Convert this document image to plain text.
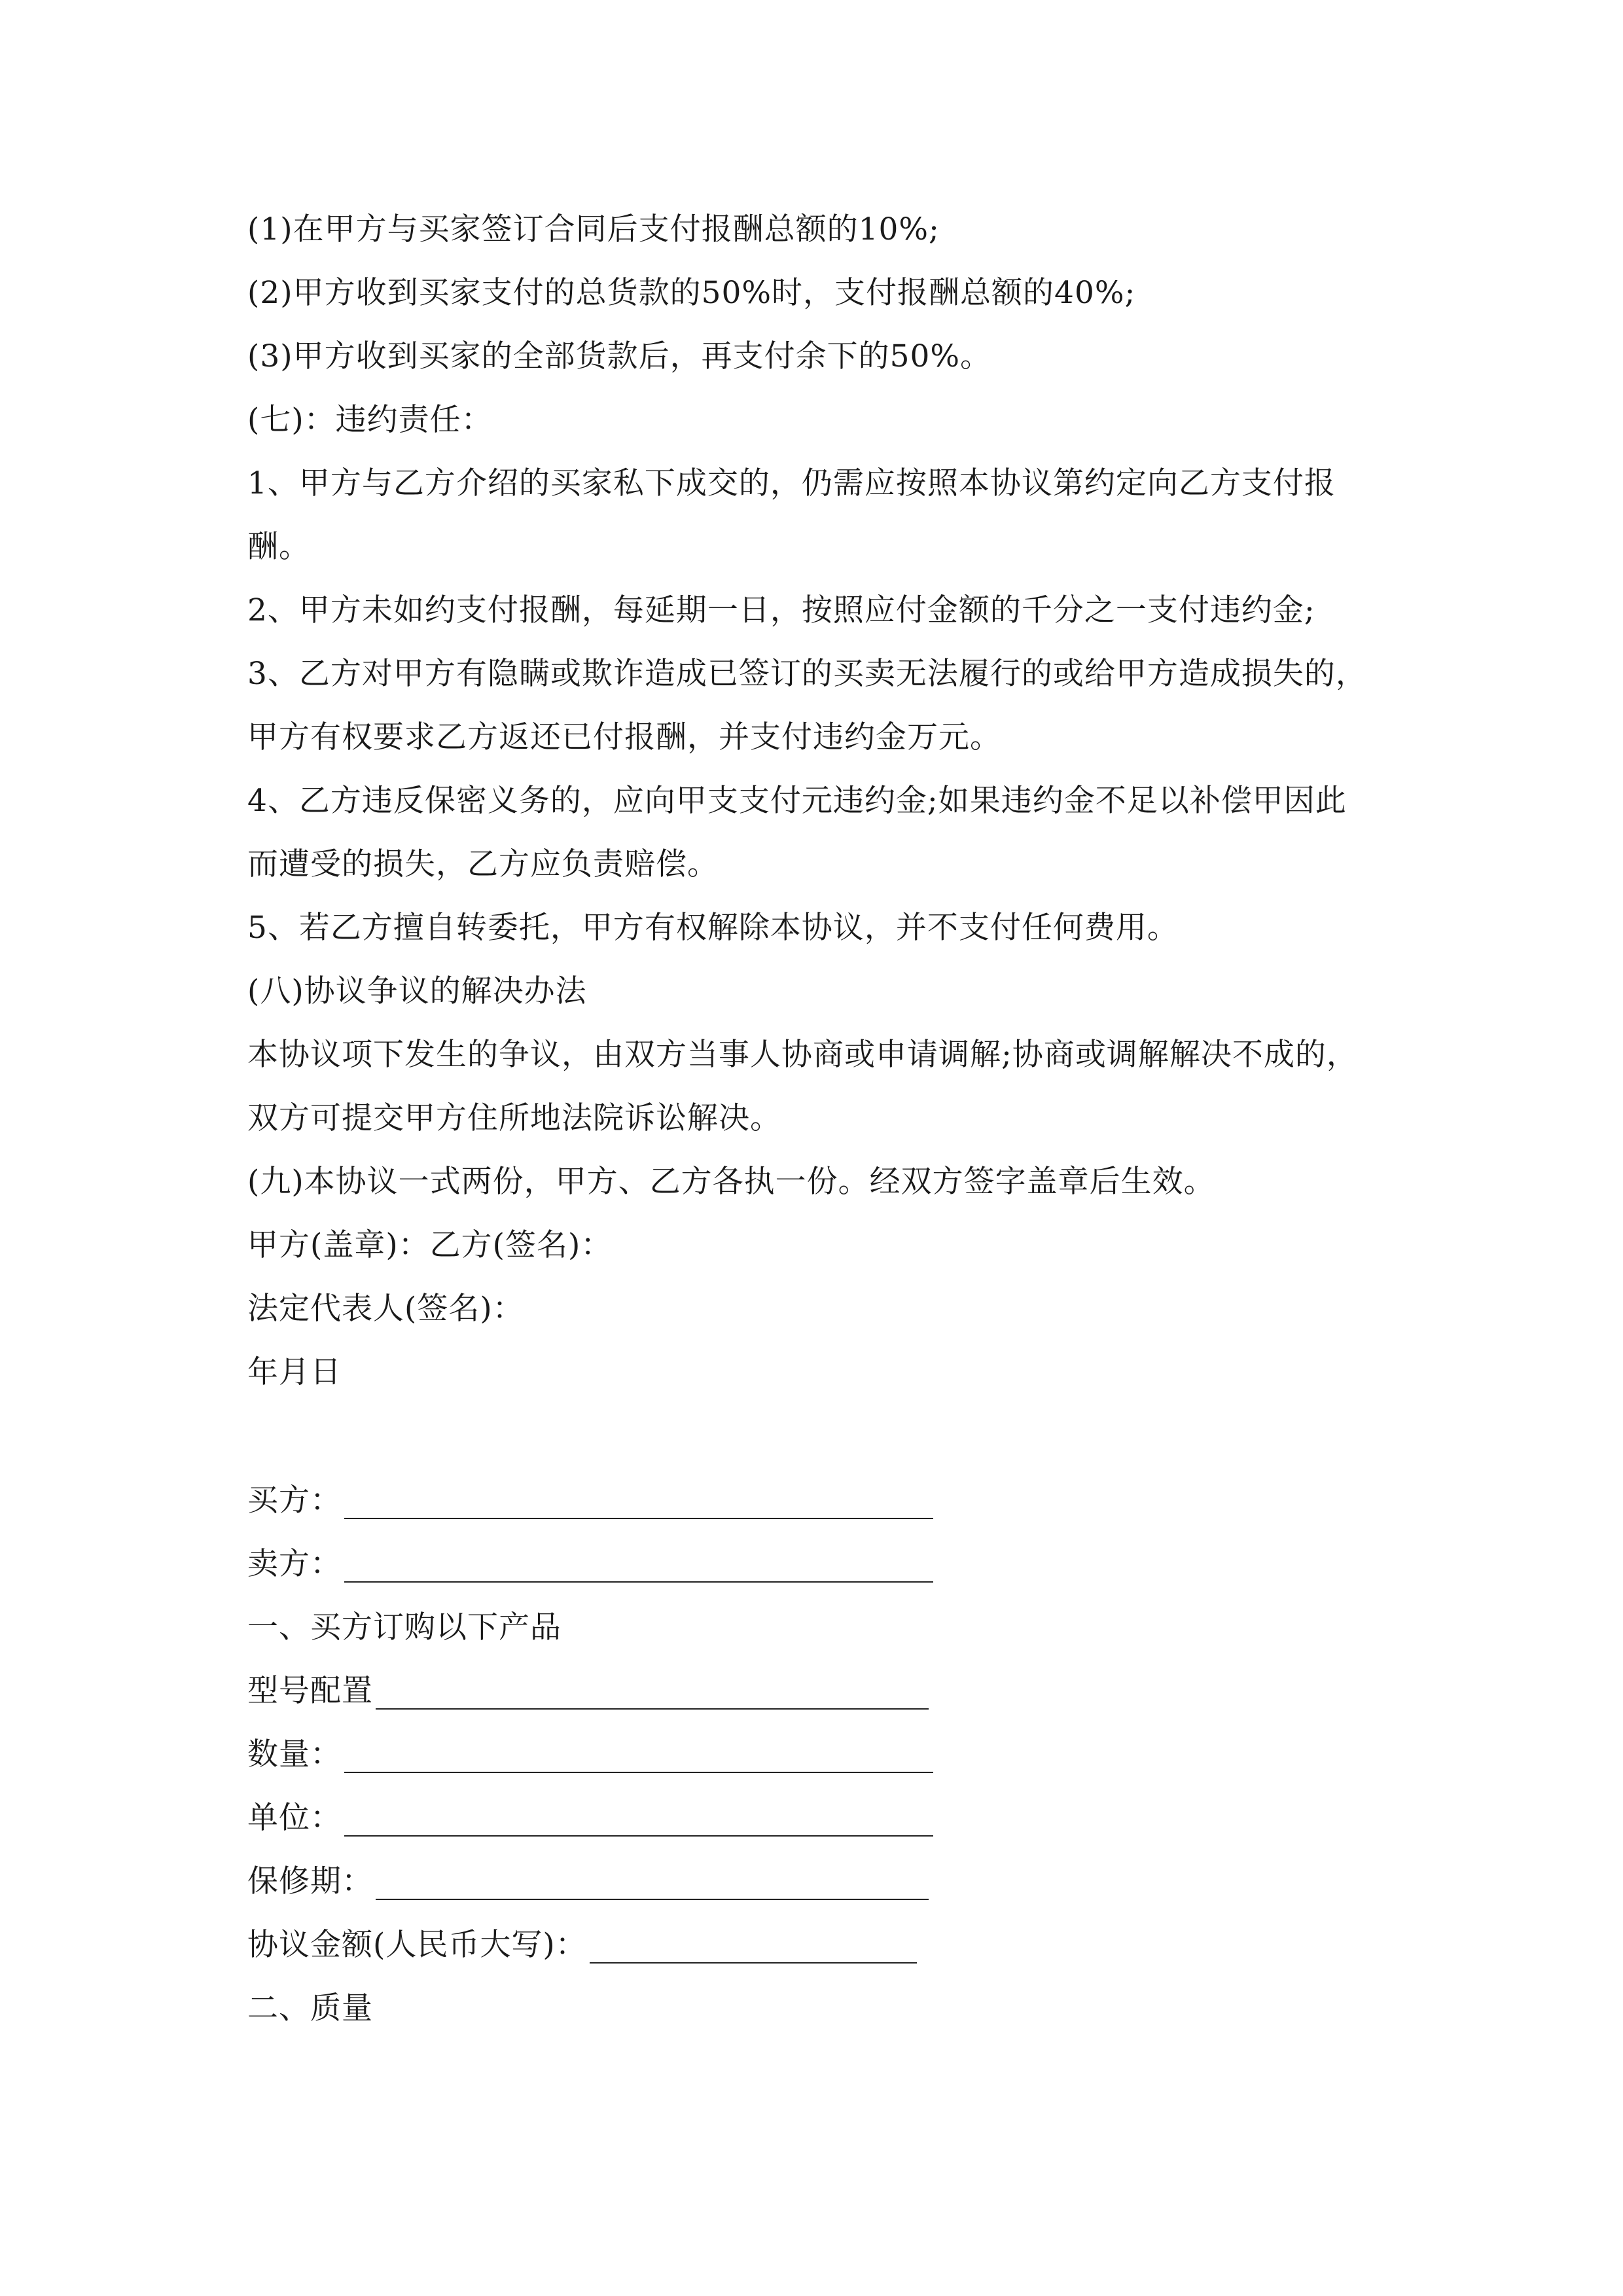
(1)在甲方与买家签订合同后支付报酬总额的10%;
(2)甲方收到买家支付的总货款的50%时，支付报酬总额的40%;
(3)甲方收到买家的全部货款后，再支付余下的50%。
(七)：违约责任：
1、甲方与乙方介绍的买家私下成交的，仍需应按照本协议第约定向乙方支付报
酬。
2、甲方未如约支付报酬，每延期一日，按照应付金额的千分之一支付违约金;
3、乙方对甲方有隐瞒或欺诈造成已签订的买卖无法履行的或给甲方造成损失的，
甲方有权要求乙方返还已付报酬，并支付违约金万元。
4、乙方违反保密义务的，应向甲支支付元违约金;如果违约金不足以补偿甲因此
而遭受的损失，乙方应负责赔偿。
5、若乙方擅自转委托，甲方有权解除本协议，并不支付任何费用。
(八)协议争议的解决办法
本协议项下发生的争议，由双方当事人协商或申请调解;协商或调解解决不成的，
双方可提交甲方住所地法院诉讼解决。
(九)本协议一式两份，甲方、乙方各执一份。经双方签字盖章后生效。
甲方(盖章)：乙方(签名)：
法定代表人(签名)：
年月日
买方：
卖方：
一、买方订购以下产品
型号配置
数量：
单位：
保修期：
协议金额(人民币大写)：
二、质量
